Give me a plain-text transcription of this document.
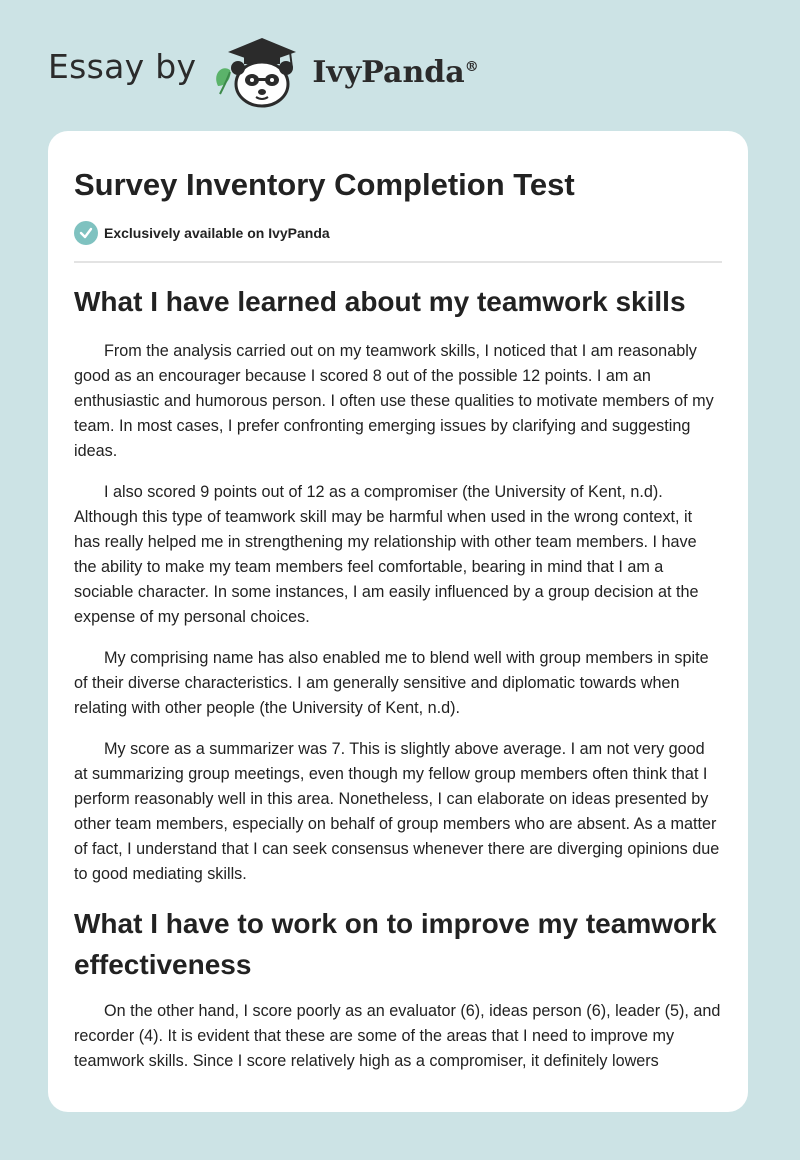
Essay by	IvyPanda®
Survey Inventory Completion Test
Exclusively available on IvyPanda
What I have learned about my teamwork skills

From the analysis carried out on my teamwork skills, I noticed that I am reasonably good as an encourager because I scored 8 out of the possible 12 points. I am an enthusiastic and humorous person. I often use these qualities to motivate members of my team. In most cases, I prefer confronting emerging issues by clarifying and suggesting ideas.

I also scored 9 points out of 12 as a compromiser (the University of Kent, n.d). Although this type of teamwork skill may be harmful when used in the wrong context, it has really helped me in strengthening my relationship with other team members. I have the ability to make my team members feel comfortable, bearing in mind that I am a sociable character. In some instances, I am easily influenced by a group decision at the expense of my personal choices.

My comprising name has also enabled me to blend well with group members in spite of their diverse characteristics. I am generally sensitive and diplomatic towards when relating with other people (the University of Kent, n.d).

My score as a summarizer was 7. This is slightly above average. I am not very good at summarizing group meetings, even though my fellow group members often think that I perform reasonably well in this area. Nonetheless, I can elaborate on ideas presented by other team members, especially on behalf of group members who are absent. As a matter of fact, I understand that I can seek consensus whenever there are diverging opinions due to good mediating skills.

What I have to work on to improve my teamwork effectiveness

On the other hand, I score poorly as an evaluator (6), ideas person (6), leader (5), and recorder (4). It is evident that these are some of the areas that I need to improve my teamwork skills. Since I score relatively high as a compromiser, it definitely lowers
